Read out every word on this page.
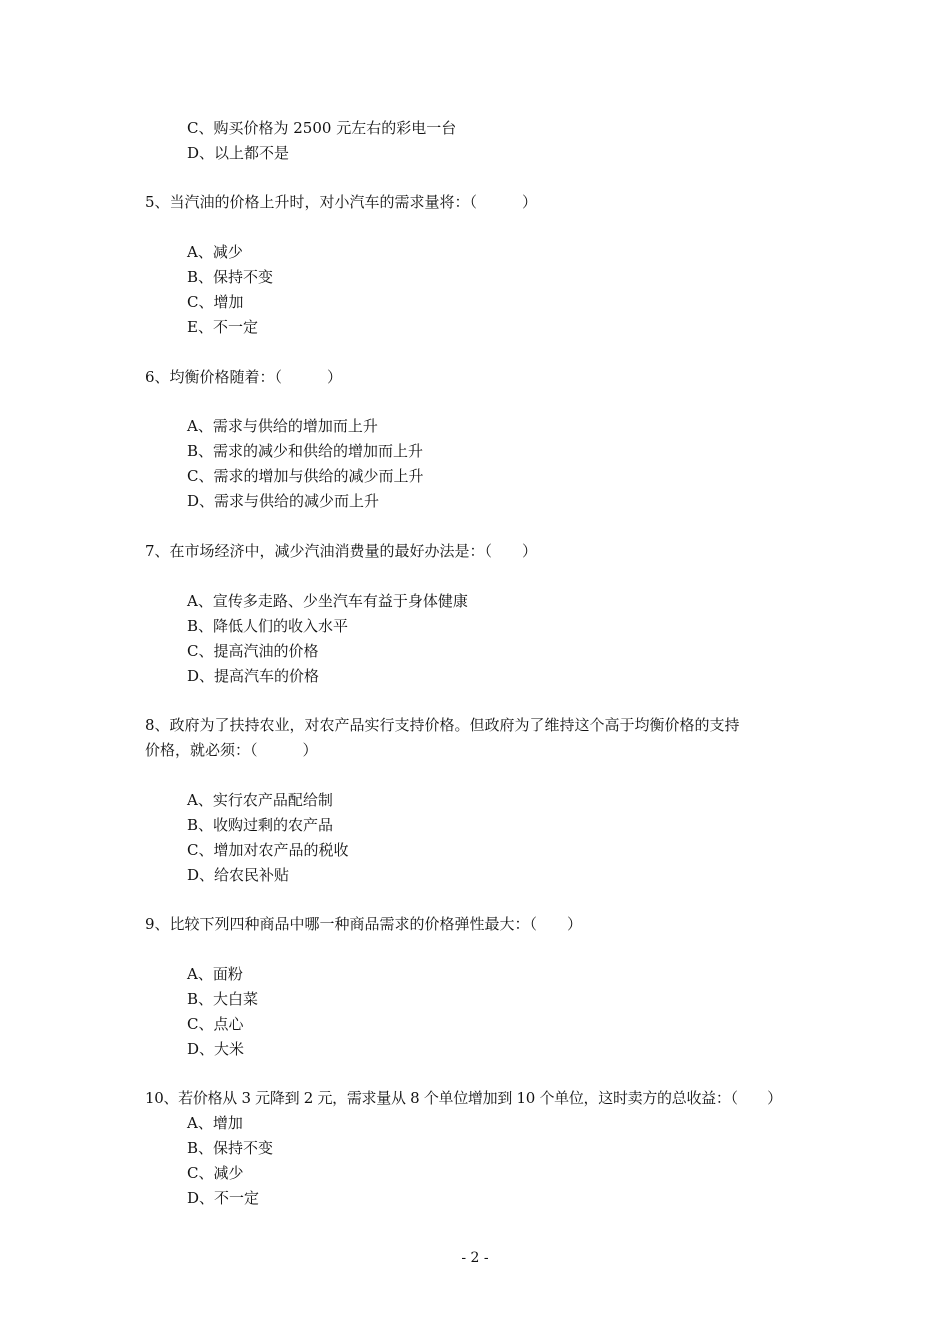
C、购买价格为 2500 元左右的彩电一台
D、以上都不是
5、当汽油的价格上升时，对小汽车的需求量将：（　　　）
A、减少
B、保持不变
C、增加
E、不一定
6、均衡价格随着：（　　　）
A、需求与供给的增加而上升
B、需求的减少和供给的增加而上升
C、需求的增加与供给的减少而上升
D、需求与供给的减少而上升
7、在市场经济中，减少汽油消费量的最好办法是：（　　）
A、宣传多走路、少坐汽车有益于身体健康
B、降低人们的收入水平
C、提高汽油的价格
D、提高汽车的价格
8、政府为了扶持农业，对农产品实行支持价格。但政府为了维持这个高于均衡价格的支持
价格，就必须：（　　　）
A、实行农产品配给制
B、收购过剩的农产品
C、增加对农产品的税收
D、给农民补贴
9、比较下列四种商品中哪一种商品需求的价格弹性最大：（　　）
A、面粉
B、大白菜
C、点心
D、大米
10、若价格从 3 元降到 2 元，需求量从 8 个单位增加到 10 个单位，这时卖方的总收益：（　　）
A、增加
B、保持不变
C、减少
D、不一定
- 2 -
